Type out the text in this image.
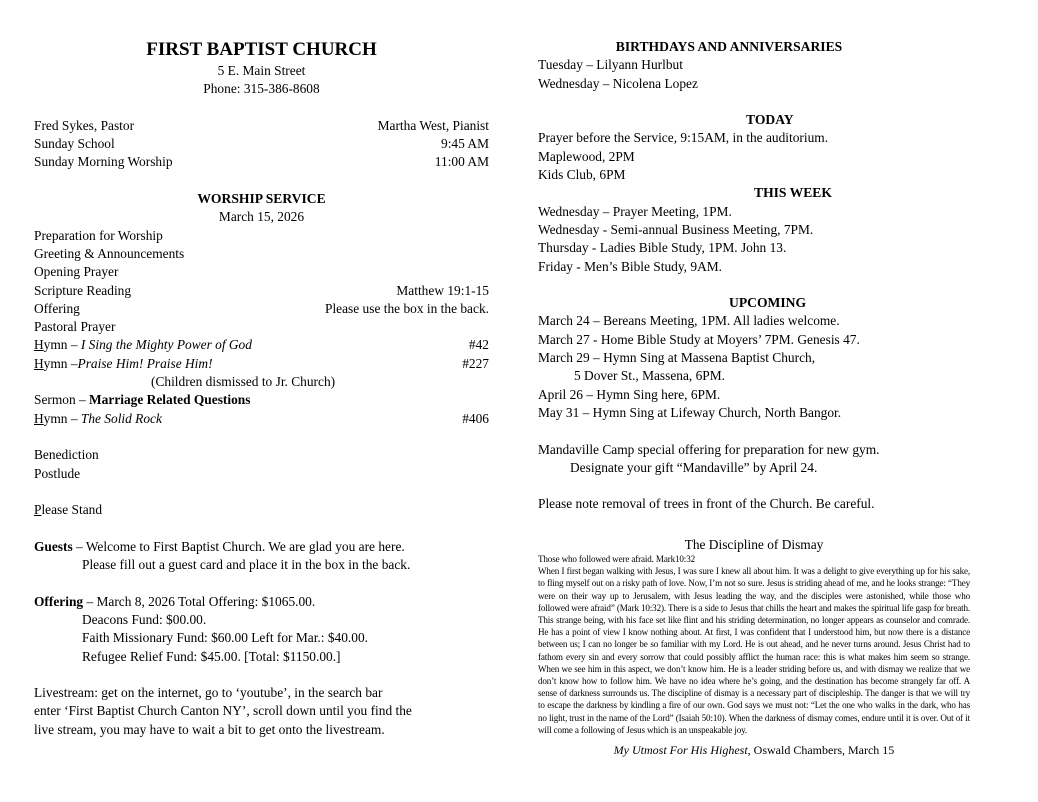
FIRST BAPTIST CHURCH
5 E. Main Street
Phone: 315-386-8608
Fred Sykes, Pastor	Martha West, Pianist
Sunday School	9:45 AM
Sunday Morning Worship	11:00 AM
WORSHIP SERVICE
March 15, 2026
Preparation for Worship
Greeting & Announcements
Opening Prayer
Scripture Reading	Matthew 19:1-15
Offering	Please use the box in the back.
Pastoral Prayer
Hymn – I Sing the Mighty Power of God	#42
Hymn –Praise Him! Praise Him!	#227
(Children dismissed to Jr. Church)
Sermon – Marriage Related Questions
Hymn – The Solid Rock	#406
Benediction
Postlude
Please Stand
Guests – Welcome to First Baptist Church. We are glad you are here.
Please fill out a guest card and place it in the box in the back.
Offering – March 8, 2026 Total Offering: $1065.00.
Deacons Fund: $00.00.
Faith Missionary Fund: $60.00 Left for Mar.: $40.00.
Refugee Relief Fund: $45.00. [Total: $1150.00.]
Livestream: get on the internet, go to ‘youtube’, in the search bar
enter ‘First Baptist Church Canton NY’, scroll down until you find the
live stream, you may have to wait a bit to get onto the livestream.
BIRTHDAYS AND ANNIVERSARIES
Tuesday – Lilyann Hurlbut
Wednesday – Nicolena Lopez
TODAY
Prayer before the Service, 9:15AM, in the auditorium.
Maplewood, 2PM
Kids Club, 6PM
THIS WEEK
Wednesday – Prayer Meeting, 1PM.
Wednesday - Semi-annual Business Meeting, 7PM.
Thursday - Ladies Bible Study, 1PM. John 13.
Friday - Men’s Bible Study, 9AM.
UPCOMING
March 24 – Bereans Meeting, 1PM. All ladies welcome.
March 27 - Home Bible Study at Moyers’ 7PM. Genesis 47.
March 29 – Hymn Sing at Massena Baptist Church,
5 Dover St., Massena, 6PM.
April 26 – Hymn Sing here, 6PM.
May 31 – Hymn Sing at Lifeway Church, North Bangor.
Mandaville Camp special offering for preparation for new gym.
Designate your gift “Mandaville” by April 24.
Please note removal of trees in front of the Church. Be careful.
The Discipline of Dismay
Those who followed were afraid. Mark10:32
When I first began walking with Jesus, I was sure I knew all about him. It was a delight to give everything up for his sake, to fling myself out on a risky path of love. Now, I’m not so sure. Jesus is striding ahead of me, and he looks strange: “They were on their way up to Jerusalem, with Jesus leading the way, and the disciples were astonished, while those who followed were afraid” (Mark 10:32). There is a side to Jesus that chills the heart and makes the spiritual life gasp for breath. This strange being, with his face set like flint and his striding determination, no longer appears as counselor and comrade. He has a point of view I know nothing about. At first, I was confident that I understood him, but now there is a distance between us; I can no longer be so familiar with my Lord. He is out ahead, and he never turns around. Jesus Christ had to fathom every sin and every sorrow that could possibly afflict the human race: this is what makes him seem so strange. When we see him in this aspect, we don’t know him. He is a leader striding before us, and with dismay we realize that we don’t know how to follow him. We have no idea where he’s going, and the destination has become strangely far off. A sense of darkness surrounds us. The discipline of dismay is a necessary part of discipleship. The danger is that we will try to escape the darkness by kindling a fire of our own. God says we must not: “Let the one who walks in the dark, who has no light, trust in the name of the Lord” (Isaiah 50:10). When the darkness of dismay comes, endure until it is over. Out of it will come a following of Jesus which is an unspeakable joy.
My Utmost For His Highest, Oswald Chambers, March 15
